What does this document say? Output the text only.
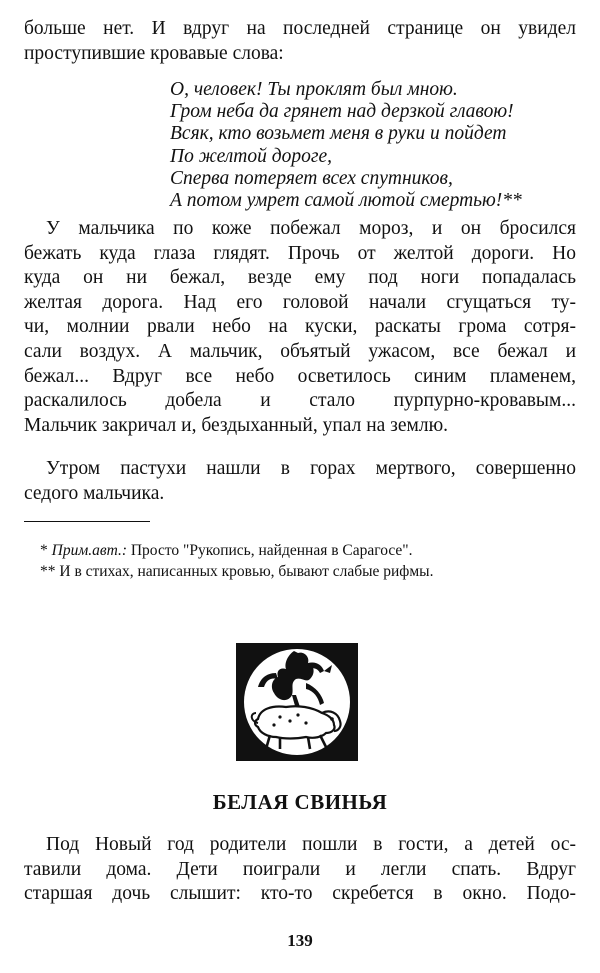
больше нет. И вдруг на последней странице он увидел
проступившие кровавые слова:
О, человек! Ты проклят был мною.
Гром неба да грянет над дерзкой главою!
Всяк, кто возьмет меня в руки и пойдет
По желтой дороге,
Сперва потеряет всех спутников,
А потом умрет самой лютой смертью!**
У мальчика по коже побежал мороз, и он бросился
бежать куда глаза глядят. Прочь от желтой дороги. Но
куда он ни бежал, везде ему под ноги попадалась
желтая дорога. Над его головой начали сгущаться ту-
чи, молнии рвали небо на куски, раскаты грома сотря-
сали воздух. А мальчик, объятый ужасом, все бежал и
бежал... Вдруг все небо осветилось синим пламенем,
раскалилось добела и стало пурпурно-кровавым...
Мальчик закричал и, бездыханный, упал на землю.
Утром пастухи нашли в горах мертвого, совершенно
седого мальчика.
* Прим.авт.: Просто "Рукопись, найденная в Сарагосе".
** И в стихах, написанных кровью, бывают слабые рифмы.
БЕЛАЯ СВИНЬЯ
Под Новый год родители пошли в гости, а детей ос-
тавили дома. Дети поиграли и легли спать. Вдруг
старшая дочь слышит: кто-то скребется в окно. Подо-
139
